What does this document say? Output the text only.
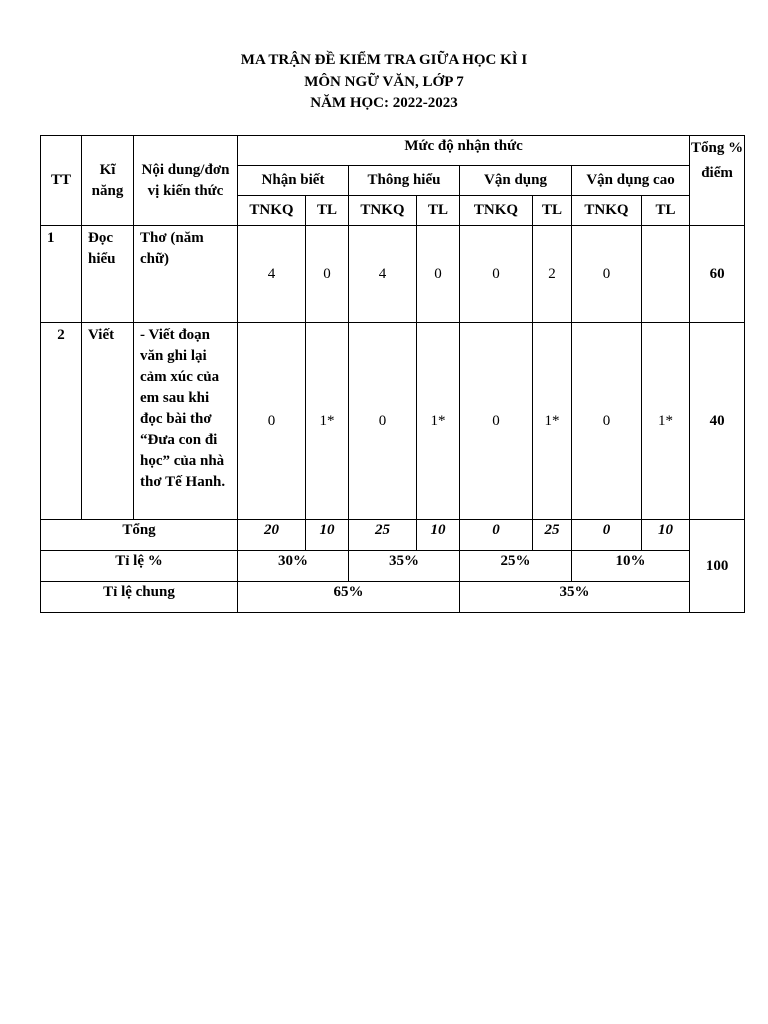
MA TRẬN ĐỀ KIỂM TRA GIỮA HỌC KÌ I
MÔN NGỮ VĂN, LỚP 7
NĂM HỌC: 2022-2023
TT	Kĩ năng	Nội dung/đơn vị kiến thức	Mức độ nhận thức								Tổng % điểm
			Nhận biết		Thông hiểu		Vận dụng		Vận dụng cao		
			TNKQ	TL	TNKQ	TL	TNKQ	TL	TNKQ	TL	
1	Đọc hiểu	Thơ (năm chữ)	4	0	4	0	0	2	0		60
2	Viết	- Viết đoạn văn ghi lại cảm xúc của em sau khi đọc bài thơ “Đưa con đi học” của nhà thơ Tế Hanh.	0	1*	0	1*	0	1*	0	1*	40
Tổng			20	10	25	10	0	25	0	10	100
Tỉ lệ %			30%		35%		25%		10%		
Tỉ lệ chung			65%				35%				
